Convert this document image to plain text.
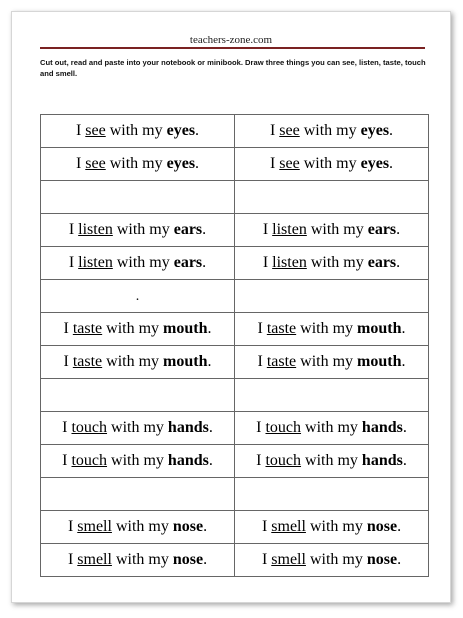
teachers-zone.com
Cut out, read and paste into your notebook or minibook. Draw three things you can see, listen, taste, touch and smell.
I see with my eyes.	I see with my eyes.
I see with my eyes.	I see with my eyes.

I listen with my ears.	I listen with my ears.
I listen with my ears.	I listen with my ears.
.	
I taste with my mouth.	I taste with my mouth.
I taste with my mouth.	I taste with my mouth.

I touch with my hands.	I touch with my hands.
I touch with my hands.	I touch with my hands.

I smell with my nose.	I smell with my nose.
I smell with my nose.	I smell with my nose.
